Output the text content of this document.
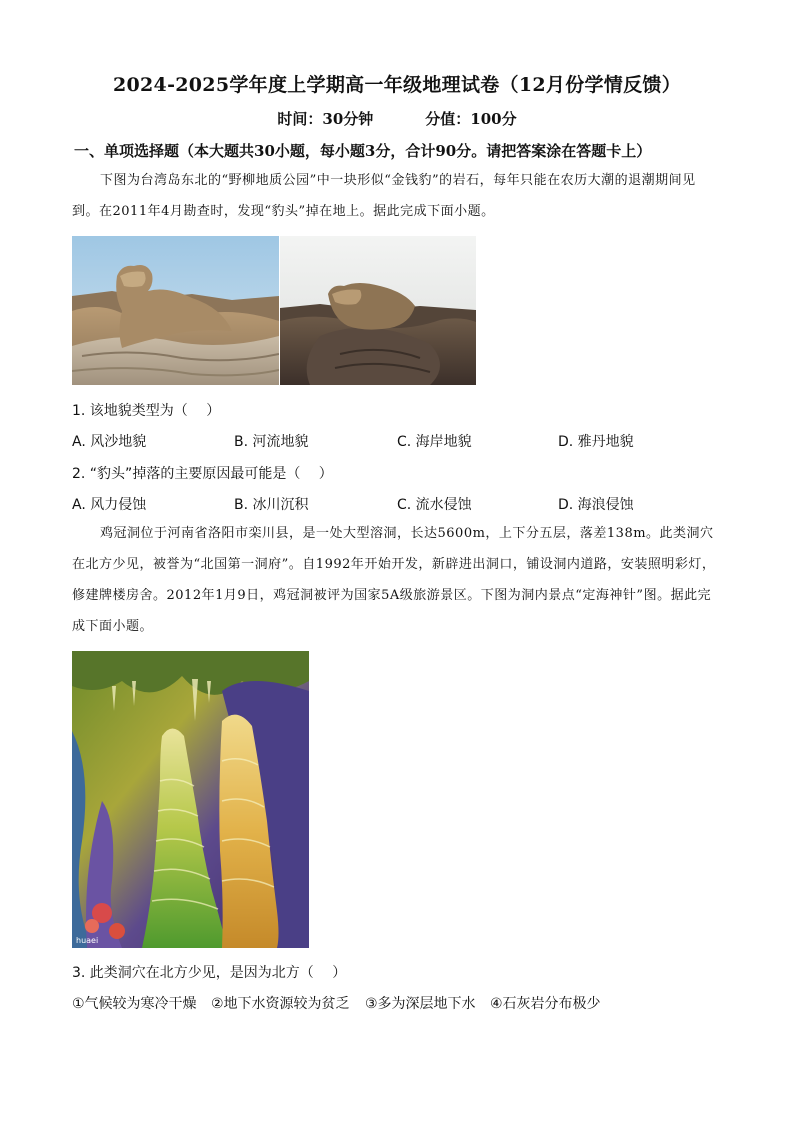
2024-2025学年度上学期高一年级地理试卷（12月份学情反馈）
时间：30分钟	分值：100分
一、单项选择题（本大题共30小题，每小题3分，合计90分。请把答案涂在答题卡上）
下图为台湾岛东北的“野柳地质公园”中一块形似“金钱豹”的岩石，每年只能在农历大潮的退潮期间见到。在2011年4月勘查时，发现“豹头”掉在地上。据此完成下面小题。
1. 该地貌类型为（　 ）
A. 风沙地貌	B. 河流地貌	C. 海岸地貌	D. 雅丹地貌
2. “豹头”掉落的主要原因最可能是（　 ）
A. 风力侵蚀	B. 冰川沉积	C. 流水侵蚀	D. 海浪侵蚀
鸡冠洞位于河南省洛阳市栾川县，是一处大型溶洞，长达5600m，上下分五层，落差138m。此类洞穴在北方少见，被誉为“北国第一洞府”。自1992年开始开发，新辟进出洞口，铺设洞内道路，安装照明彩灯，修建牌楼房舍。2012年1月9日，鸡冠洞被评为国家5A级旅游景区。下图为洞内景点“定海神针”图。据此完成下面小题。
huaei
3. 此类洞穴在北方少见，是因为北方（　 ）
①气候较为寒冷干燥 ②地下水资源较为贫乏 ③多为深层地下水 ④石灰岩分布极少
